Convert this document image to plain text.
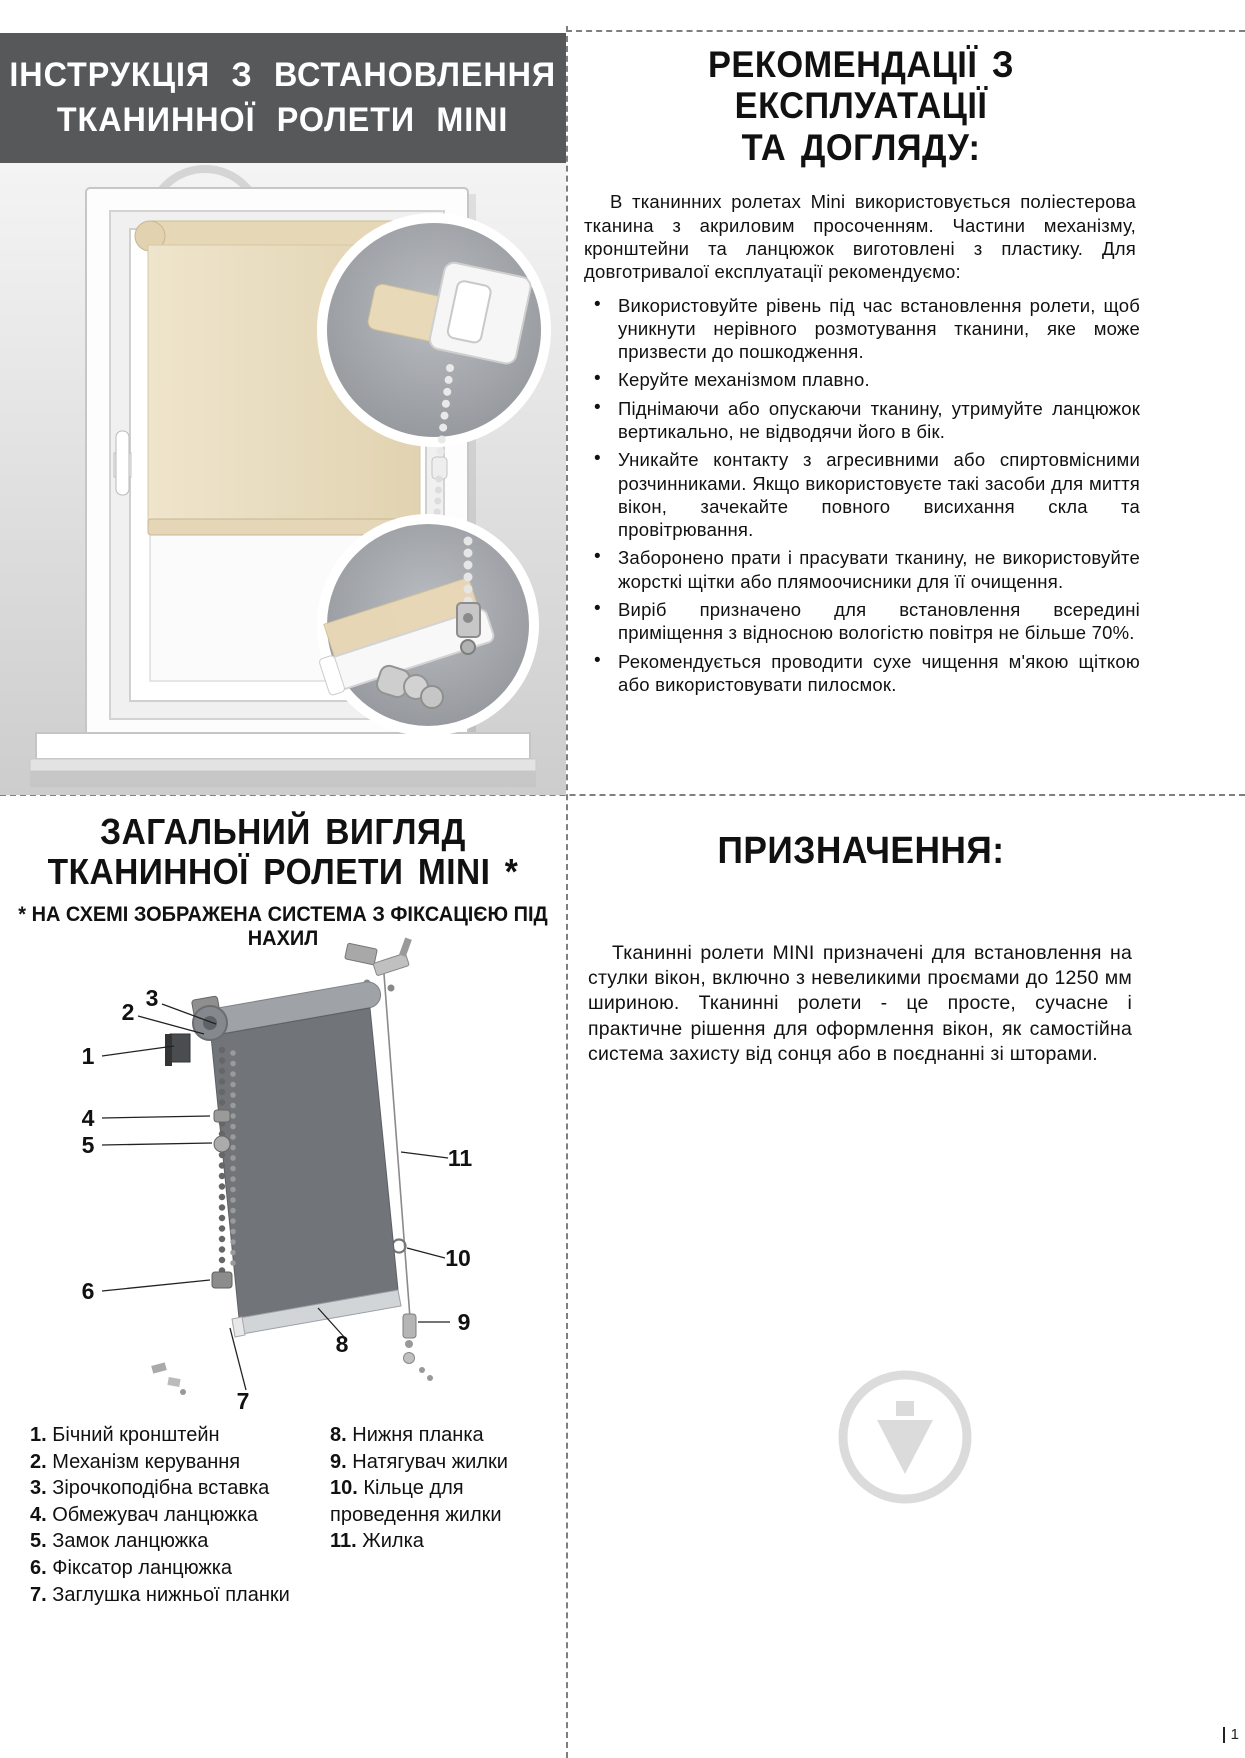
ІНСТРУКЦІЯ З ВСТАНОВЛЕННЯ
ТКАНИННОЇ РОЛЕТИ MINI
РЕКОМЕНДАЦІЇ З ЕКСПЛУАТАЦІЇ
ТА ДОГЛЯДУ:

В тканинних ролетах Mini використовується поліестерова тканина з акриловим просоченням. Частини механізму, кронштейни та ланцюжок виготовлені з пластику. Для довготривалої експлуатації рекомендуємо:

• Використовуйте рівень під час встановлення ролети, щоб уникнути нерівного розмотування тканини, яке може призвести до пошкодження.
• Керуйте механізмом плавно.
• Піднімаючи або опускаючи тканину, утримуйте ланцюжок вертикально, не відводячи його в бік.
• Уникайте контакту з агресивними або спиртовмісними розчинниками. Якщо використовуєте такі засоби для миття вікон, зачекайте повного висихання скла та провітрювання.
• Заборонено прати і прасувати тканину, не використовуйте жорсткі щітки або плямоочисники для її очищення.
• Виріб призначено для встановлення всередині приміщення з відносною вологістю повітря не більше 70%.
• Рекомендується проводити сухе чищення м'якою щіткою або використовувати пилосмок.
ЗАГАЛЬНИЙ ВИГЛЯД
ТКАНИННОЇ РОЛЕТИ MINI *
* НА СХЕМІ ЗОБРАЖЕНА СИСТЕМА З ФІКСАЦІЄЮ ПІД НАХИЛ
1
2
3
4
5
6
7
8
9
10
11
1. Бічний кронштейн
2. Механізм керування
3. Зірочкоподібна вставка
4. Обмежувач ланцюжка
5. Замок ланцюжка
6. Фіксатор ланцюжка
7. Заглушка нижньої планки
8. Нижня планка
9. Натягувач жилки
10. Кільце для проведення жилки
11. Жилка
ПРИЗНАЧЕННЯ:

Тканинні ролети MINI призначені для встановлення на стулки вікон, включно з невеликими проємами до 1250 мм шириною. Тканинні ролети - це просте, сучасне і практичне рішення для оформлення вікон, як самостійна система захисту від сонця або в поєднанні зі шторами.

1
